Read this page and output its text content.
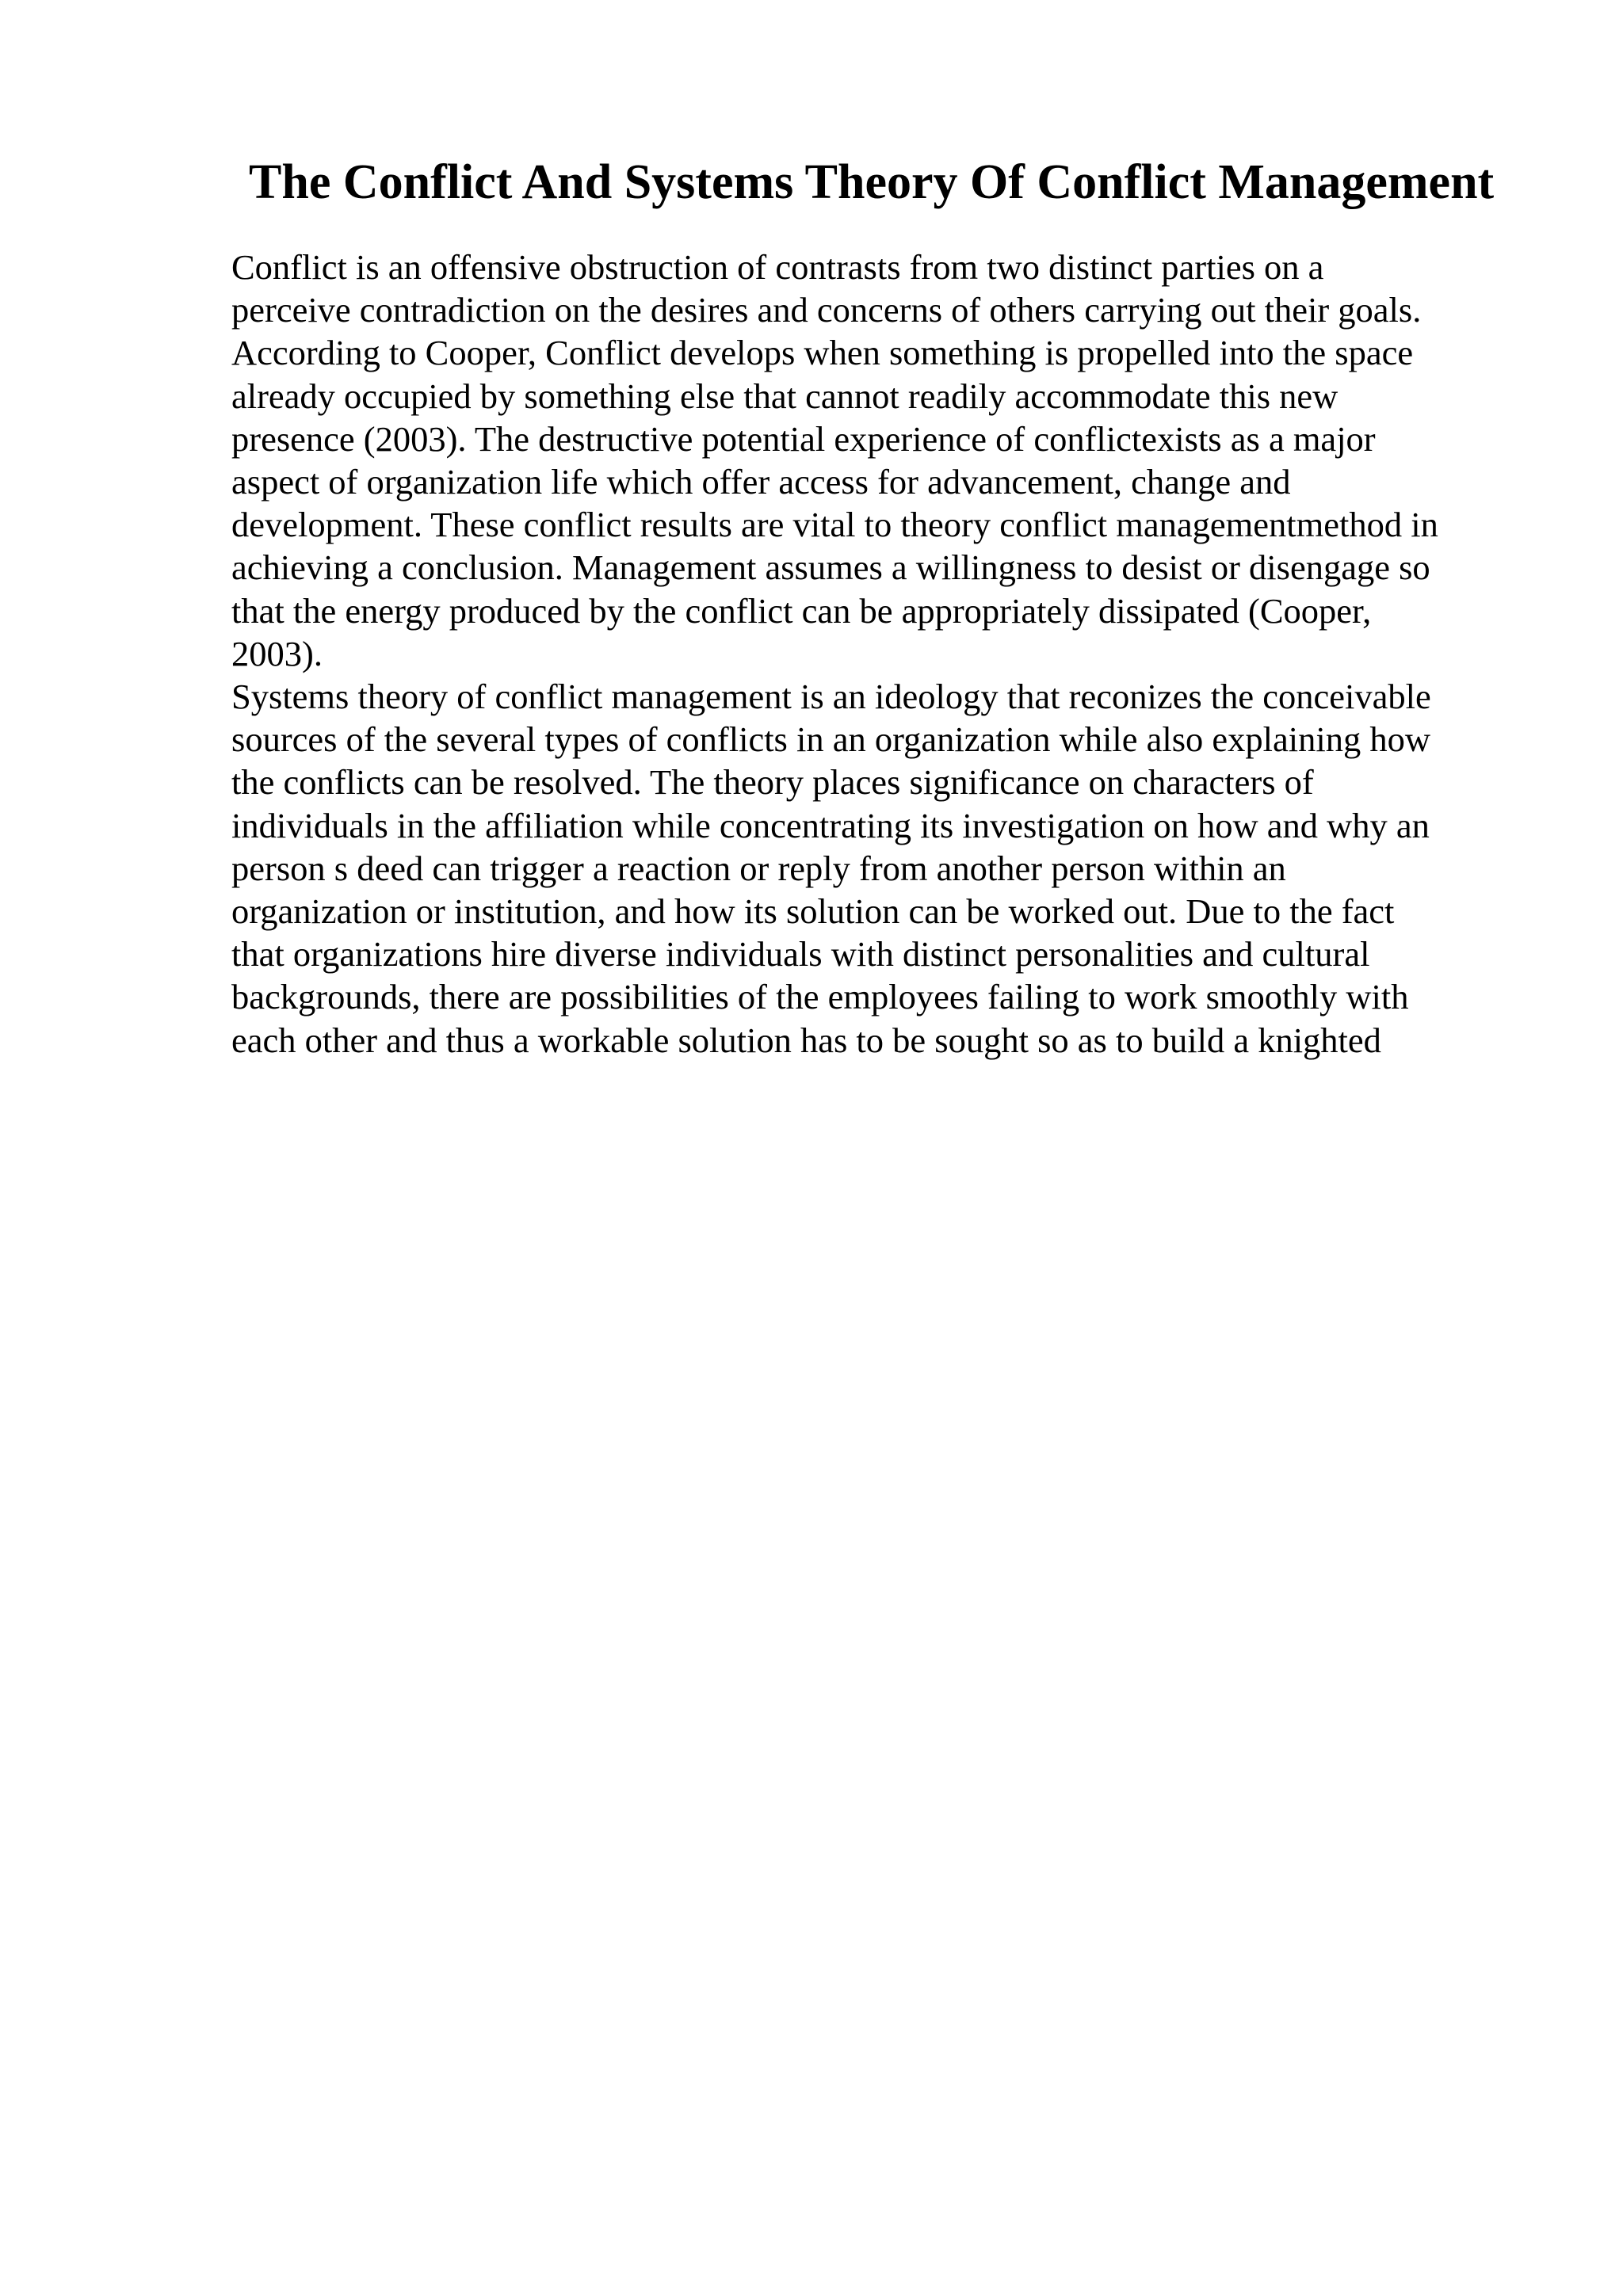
The Conflict And Systems Theory Of Conflict Management
Conflict is an offensive obstruction of contrasts from two distinct parties on a
perceive contradiction on the desires and concerns of others carrying out their goals.
According to Cooper, Conflict develops when something is propelled into the space
already occupied by something else that cannot readily accommodate this new
presence (2003). The destructive potential experience of conflictexists as a major
aspect of organization life which offer access for advancement, change and
development. These conflict results are vital to theory conflict managementmethod in
achieving a conclusion. Management assumes a willingness to desist or disengage so
that the energy produced by the conflict can be appropriately dissipated (Cooper,
2003).
Systems theory of conflict management is an ideology that reconizes the conceivable
sources of the several types of conflicts in an organization while also explaining how
the conflicts can be resolved. The theory places significance on characters of
individuals in the affiliation while concentrating its investigation on how and why an
person s deed can trigger a reaction or reply from another person within an
organization or institution, and how its solution can be worked out. Due to the fact
that organizations hire diverse individuals with distinct personalities and cultural
backgrounds, there are possibilities of the employees failing to work smoothly with
each other and thus a workable solution has to be sought so as to build a knighted
